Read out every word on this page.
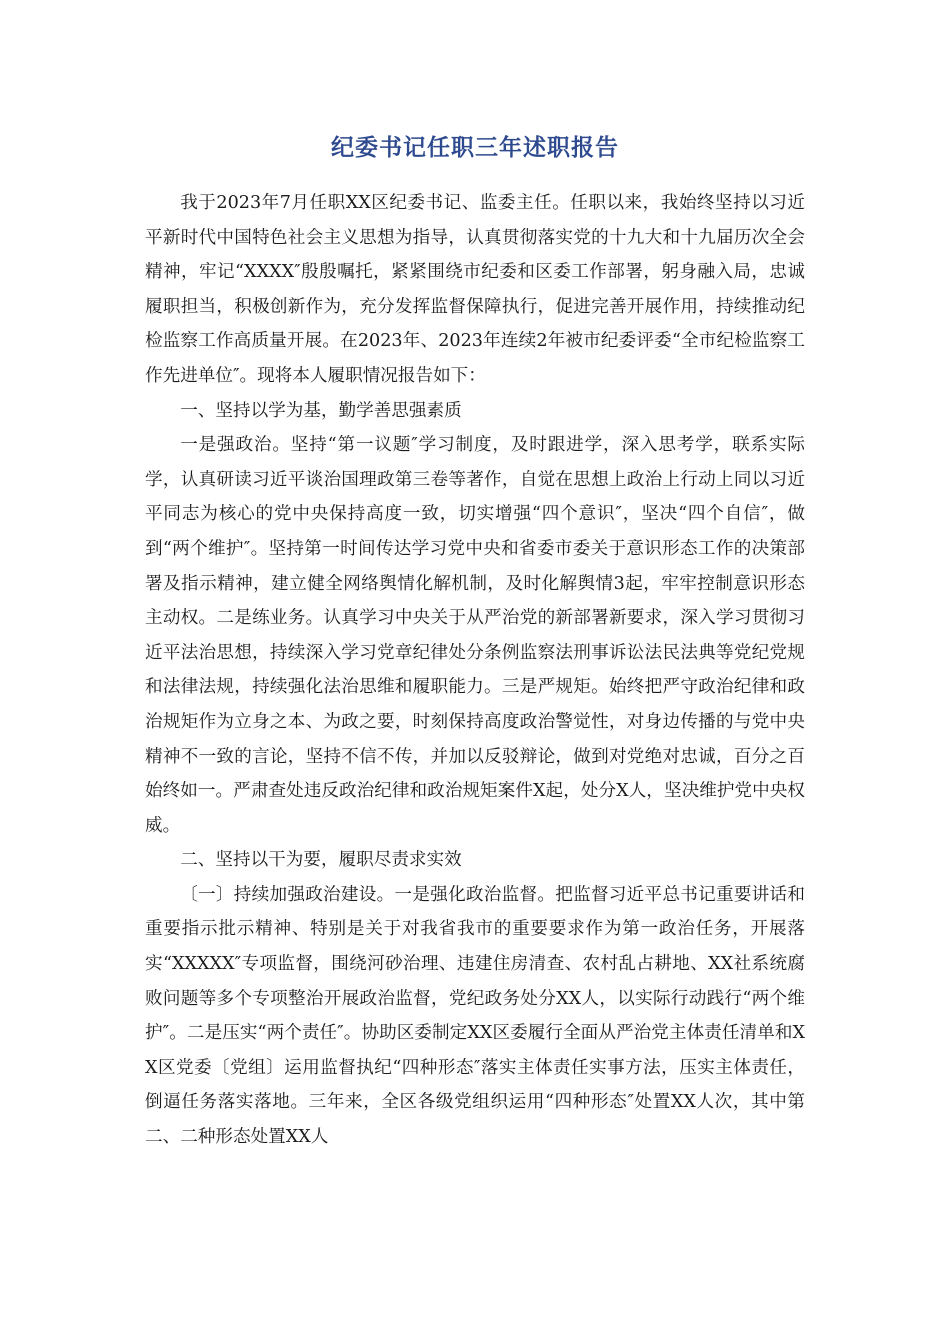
纪委书记任职三年述职报告

我于2023年7月任职XX区纪委书记、监委主任。任职以来，我始终坚持以习近平新时代中国特色社会主义思想为指导，认真贯彻落实党的十九大和十九届历次全会精神，牢记“XXXX″殷殷嘱托，紧紧围绕市纪委和区委工作部署，躬身融入局，忠诚履职担当，积极创新作为，充分发挥监督保障执行，促进完善开展作用，持续推动纪检监察工作高质量开展。在2023年、2023年连续2年被市纪委评委“全市纪检监察工作先进单位″。现将本人履职情况报告如下：

一、坚持以学为基，勤学善思强素质

一是强政治。坚持“第一议题″学习制度，及时跟进学，深入思考学，联系实际学，认真研读习近平谈治国理政第三卷等著作，自觉在思想上政治上行动上同以习近平同志为核心的党中央保持高度一致，切实增强“四个意识″，坚决“四个自信″，做到“两个维护″。坚持第一时间传达学习党中央和省委市委关于意识形态工作的决策部署及指示精神，建立健全网络舆情化解机制，及时化解舆情3起，牢牢控制意识形态主动权。二是练业务。认真学习中央关于从严治党的新部署新要求，深入学习贯彻习近平法治思想，持续深入学习党章纪律处分条例监察法刑事诉讼法民法典等党纪党规和法律法规，持续强化法治思维和履职能力。三是严规矩。始终把严守政治纪律和政治规矩作为立身之本、为政之要，时刻保持高度政治警觉性，对身边传播的与党中央精神不一致的言论，坚持不信不传，并加以反驳辩论，做到对党绝对忠诚，百分之百始终如一。严肃查处违反政治纪律和政治规矩案件X起，处分X人，坚决维护党中央权威。

二、坚持以干为要，履职尽责求实效

〔一〕持续加强政治建设。一是强化政治监督。把监督习近平总书记重要讲话和重要指示批示精神、特别是关于对我省我市的重要要求作为第一政治任务，开展落实“XXXXX″专项监督，围绕河砂治理、违建住房清查、农村乱占耕地、XX社系统腐败问题等多个专项整治开展政治监督，党纪政务处分XX人，以实际行动践行“两个维护″。二是压实“两个责任″。协助区委制定XX区委履行全面从严治党主体责任清单和XX区党委〔党组〕运用监督执纪“四种形态″落实主体责任实事方法，压实主体责任，倒逼任务落实落地。三年来，全区各级党组织运用“四种形态″处置XX人次，其中第二、二种形态处置XX人
